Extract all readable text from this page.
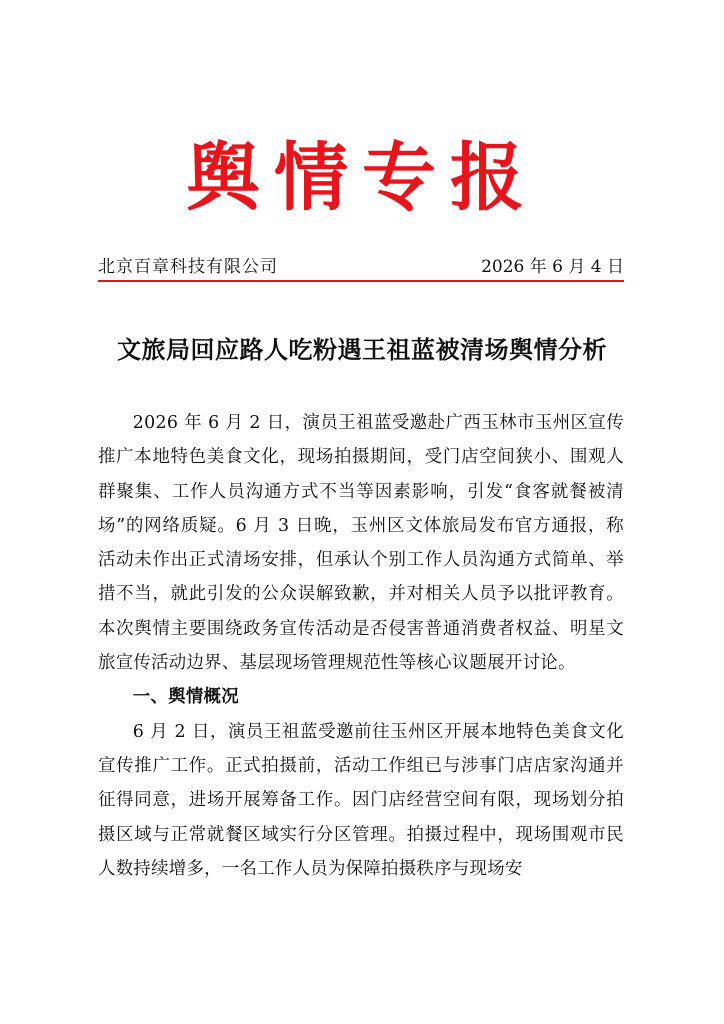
舆情专报
北京百章科技有限公司	2026 年 6 月 4 日
文旅局回应路人吃粉遇王祖蓝被清场舆情分析

2026 年 6 月 2 日，演员王祖蓝受邀赴广西玉林市玉州区宣传推广本地特色美食文化，现场拍摄期间，受门店空间狭小、围观人群聚集、工作人员沟通方式不当等因素影响，引发“食客就餐被清场”的网络质疑。6 月 3 日晚，玉州区文体旅局发布官方通报，称活动未作出正式清场安排，但承认个别工作人员沟通方式简单、举措不当，就此引发的公众误解致歉，并对相关人员予以批评教育。本次舆情主要围绕政务宣传活动是否侵害普通消费者权益、明星文旅宣传活动边界、基层现场管理规范性等核心议题展开讨论。

一、舆情概况

6 月 2 日，演员王祖蓝受邀前往玉州区开展本地特色美食文化宣传推广工作。正式拍摄前，活动工作组已与涉事门店店家沟通并征得同意，进场开展筹备工作。因门店经营空间有限，现场划分拍摄区域与正常就餐区域实行分区管理。拍摄过程中，现场围观市民人数持续增多，一名工作人员为保障拍摄秩序与现场安
